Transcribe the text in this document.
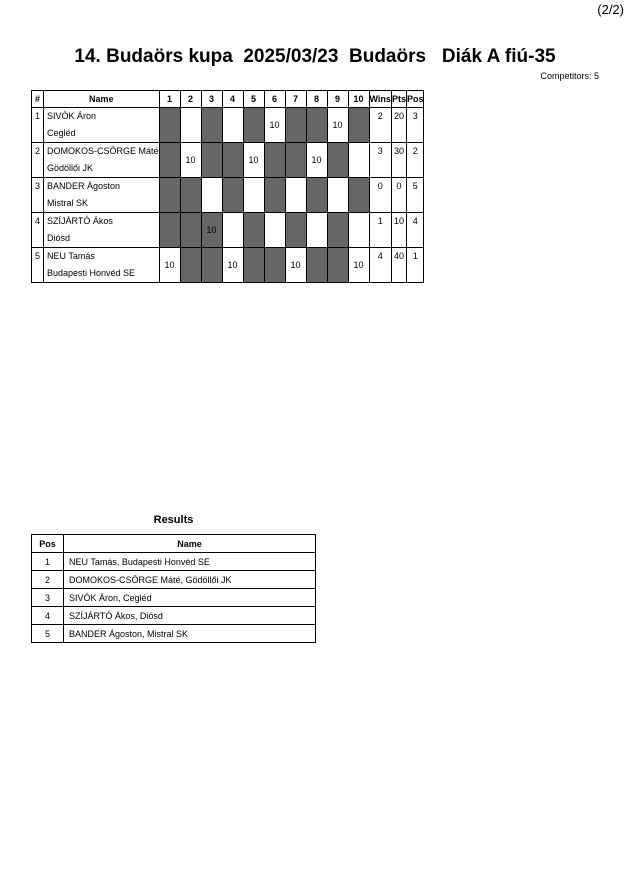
(2/2)
14. Budaörs kupa  2025/03/23  Budaörs   Diák A fiú-35
Competitors: 5
#	Name	1	2	3	4	5	6	7	8	9	10	Wins	Pts	Pos
1	SIVÓK Áron						10			10		2	20	3
	Cegléd													
2	DOMOKOS-CSÖRGE Máté		10			10			10			3	30	2
	Gödöllői JK													
3	BANDER Ágoston											0	0	5
	Mistral SK													
4	SZÍJÁRTÓ Ákos			10								1	10	4
	Diósd													
5	NEU Tamás	10			10			10			10	4	40	1
	Budapesti Honvéd SE													
Results
Pos	Name
1	NEU Tamás, Budapesti Honvéd SE
2	DOMOKOS-CSÖRGE Máté, Gödöllői JK
3	SIVÓK Áron, Cegléd
4	SZÍJÁRTÓ Ákos, Diósd
5	BANDER Ágoston, Mistral SK
